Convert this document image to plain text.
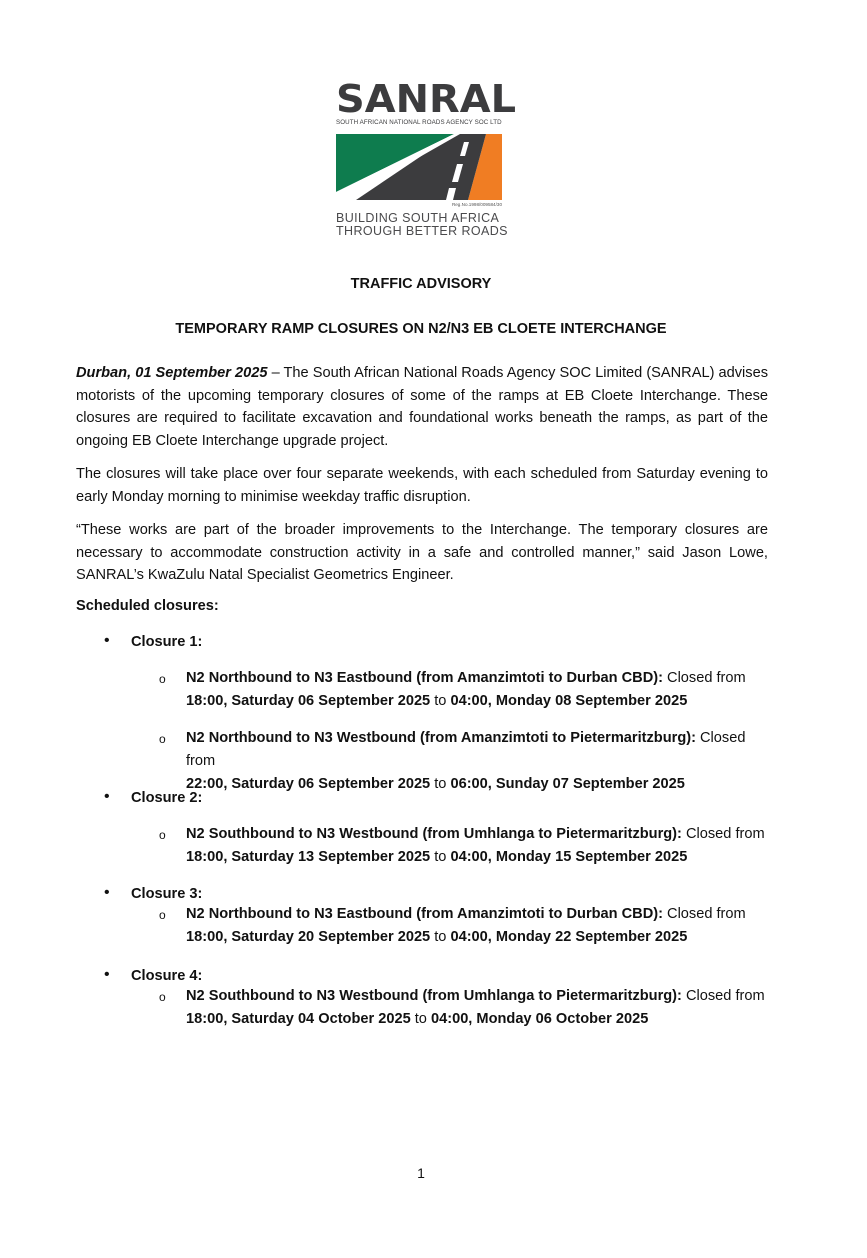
SANRAL
SOUTH AFRICAN NATIONAL ROADS AGENCY SOC LTD
Reg.No.1998/009584/30
BUILDING SOUTH AFRICA
THROUGH BETTER ROADS
TRAFFIC ADVISORY
TEMPORARY RAMP CLOSURES ON N2/N3 EB CLOETE INTERCHANGE

Durban, 01 September 2025 – The South African National Roads Agency SOC Limited (SANRAL) advises motorists of the upcoming temporary closures of some of the ramps at EB Cloete Interchange. These closures are required to facilitate excavation and foundational works beneath the ramps, as part of the ongoing EB Cloete Interchange upgrade project.

The closures will take place over four separate weekends, with each scheduled from Saturday evening to early Monday morning to minimise weekday traffic disruption.

“These works are part of the broader improvements to the Interchange. The temporary closures are necessary to accommodate construction activity in a safe and controlled manner,” said Jason Lowe, SANRAL’s KwaZulu Natal Specialist Geometrics Engineer.

Scheduled closures:
• Closure 1:
o N2 Northbound to N3 Eastbound (from Amanzimtoti to Durban CBD): Closed from
18:00, Saturday 06 September 2025 to 04:00, Monday 08 September 2025
o N2 Northbound to N3 Westbound (from Amanzimtoti to Pietermaritzburg): Closed from
22:00, Saturday 06 September 2025 to 06:00, Sunday 07 September 2025
• Closure 2:
o N2 Southbound to N3 Westbound (from Umhlanga to Pietermaritzburg): Closed from
18:00, Saturday 13 September 2025 to 04:00, Monday 15 September 2025
• Closure 3:
o N2 Northbound to N3 Eastbound (from Amanzimtoti to Durban CBD): Closed from
18:00, Saturday 20 September 2025 to 04:00, Monday 22 September 2025
• Closure 4:
o N2 Southbound to N3 Westbound (from Umhlanga to Pietermaritzburg): Closed from
18:00, Saturday 04 October 2025 to 04:00, Monday 06 October 2025
1
